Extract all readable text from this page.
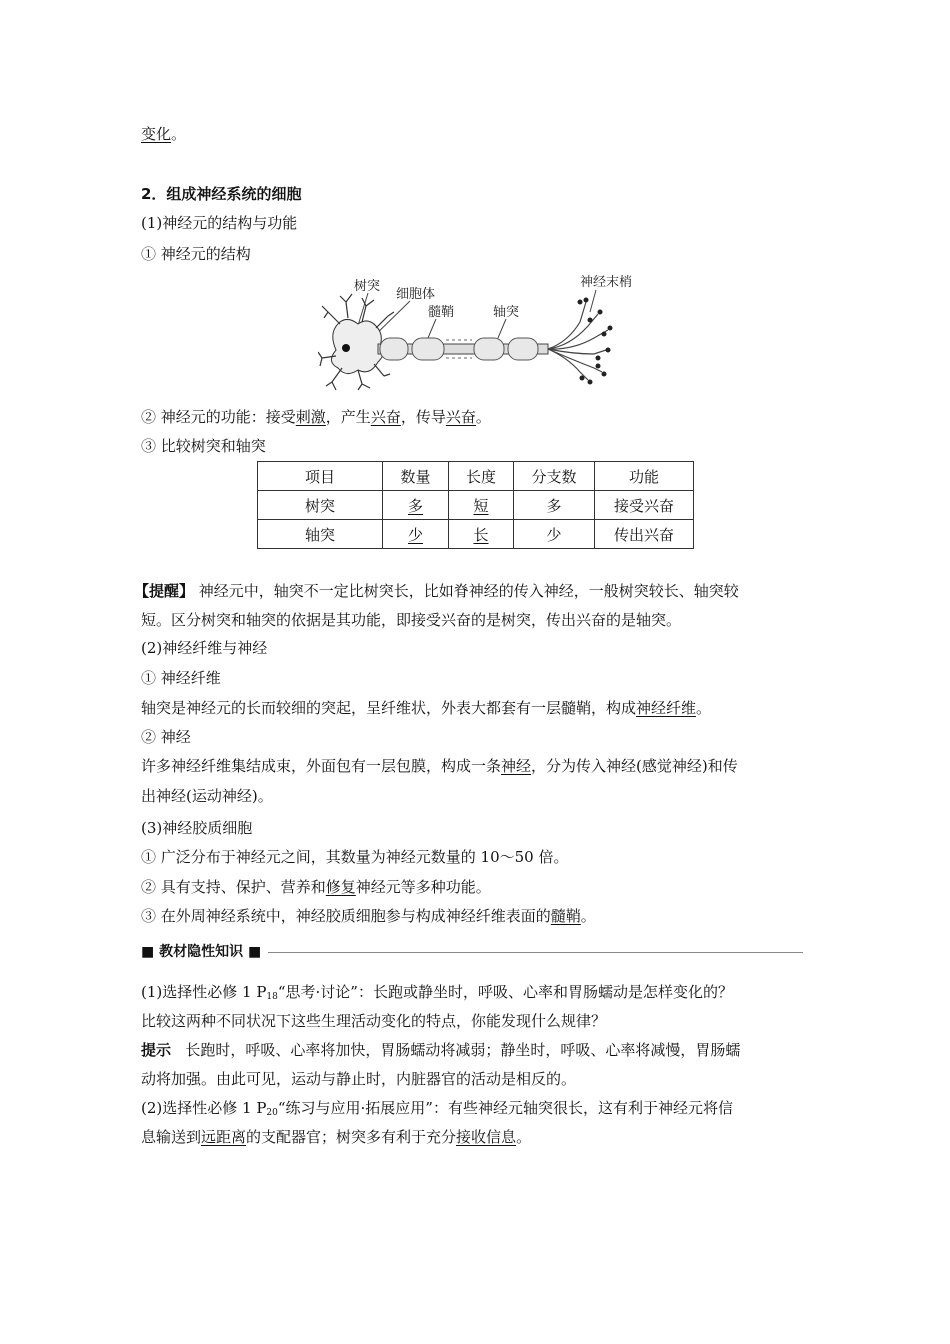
变化。
2．组成神经系统的细胞
(1)神经元的结构与功能
① 神经元的结构
树突
细胞体
髓鞘	轴突
神经末梢
② 神经元的功能：接受刺激，产生兴奋，传导兴奋。
③ 比较树突和轴突
项目	数量	长度	分支数	功能
树突	多	短	多	接受兴奋
轴突	少	长	少	传出兴奋
【提醒】 神经元中，轴突不一定比树突长，比如脊神经的传入神经，一般树突较长、轴突较
短。区分树突和轴突的依据是其功能，即接受兴奋的是树突，传出兴奋的是轴突。
(2)神经纤维与神经
① 神经纤维
轴突是神经元的长而较细的突起，呈纤维状，外表大都套有一层髓鞘，构成神经纤维。
② 神经
许多神经纤维集结成束，外面包有一层包膜，构成一条神经，分为传入神经(感觉神经)和传
出神经(运动神经)。
(3)神经胶质细胞
① 广泛分布于神经元之间，其数量为神经元数量的 10～50 倍。
② 具有支持、保护、营养和修复神经元等多种功能。
③ 在外周神经系统中，神经胶质细胞参与构成神经纤维表面的髓鞘。
■ 教材隐性知识 ■
(1)选择性必修 1 $P_{18}“$思考·讨论”：长跑或静坐时，呼吸、心率和胃肠蠕动是怎样变化的？
比较这两种不同状况下这些生理活动变化的特点，你能发现什么规律？
提示 长跑时，呼吸、心率将加快，胃肠蠕动将减弱；静坐时，呼吸、心率将减慢，胃肠蠕
动将加强。由此可见，运动与静止时，内脏器官的活动是相反的。
(2)选择性必修 1 $P_{20}“$练习与应用·拓展应用”：有些神经元轴突很长，这有利于神经元将信
息输送到远距离的支配器官；树突多有利于充分接收信息。
